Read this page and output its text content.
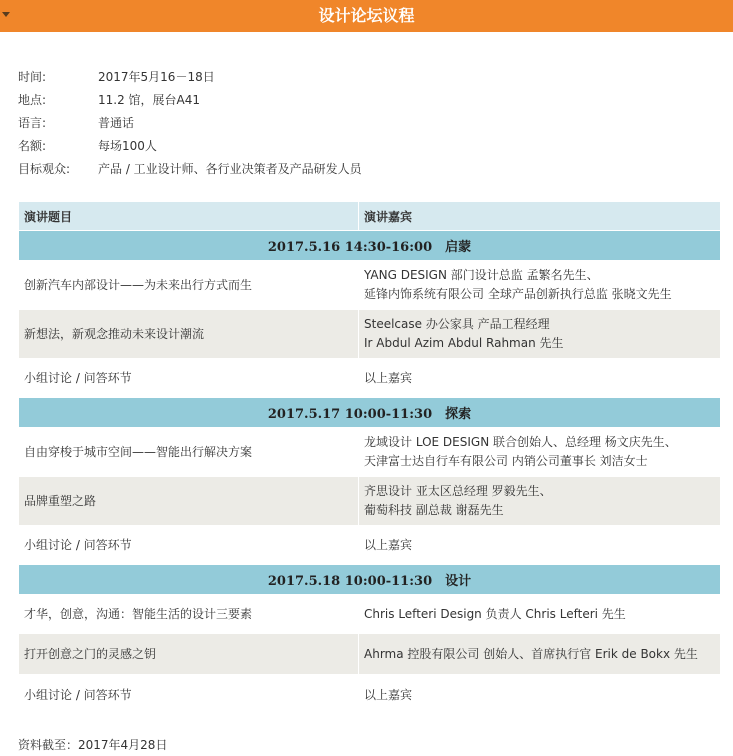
设计论坛议程
时间:	2017年5月16－18日
地点:	11.2 馆，展台A41
语言:	普通话
名额:	每场100人
目标观众:	产品 / 工业设计师、各行业决策者及产品研发人员
演讲题目	演讲嘉宾
2017.5.16 14:30-16:00　启蒙	
创新汽车内部设计——为未来出行方式而生	YANG DESIGN 部门设计总监 孟繁名先生、
延锋内饰系统有限公司 全球产品创新执行总监 张晓文先生

新想法，新观念推动未来设计潮流	Steelcase 办公家具 产品工程经理
Ir Abdul Azim Abdul Rahman 先生

小组讨论 / 问答环节	以上嘉宾

2017.5.17 10:00-11:30　探索	
自由穿梭于城市空间——智能出行解决方案	龙域设计 LOE DESIGN 联合创始人、总经理 杨文庆先生、
天津富士达自行车有限公司 内销公司董事长 刘洁女士

品牌重塑之路	齐思设计 亚太区总经理 罗毅先生、
葡萄科技 副总裁 谢磊先生

小组讨论 / 问答环节	以上嘉宾

2017.5.18 10:00-11:30　设计	
才华，创意，沟通：智能生活的设计三要素	Chris Lefteri Design 负责人 Chris Lefteri 先生

打开创意之门的灵感之钥	Ahrma 控股有限公司 创始人、首席执行官 Erik de Bokx 先生

小组讨论 / 问答环节	以上嘉宾
资料截至：2017年4月28日
